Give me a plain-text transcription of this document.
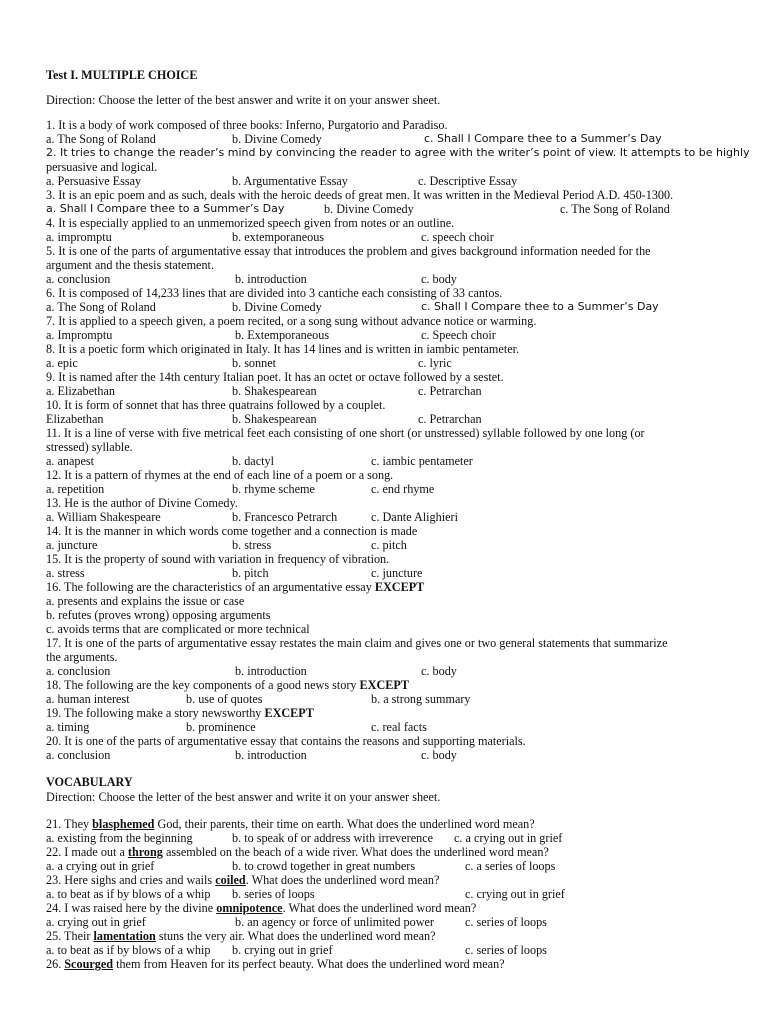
Test I. MULTIPLE CHOICE
Direction: Choose the letter of the best answer and write it on your answer sheet.
1. It is a body of work composed of three books: Inferno, Purgatorio and Paradiso.
a. The Song of Roland	b. Divine Comedy	c. Shall I Compare thee to a Summer’s Day
2. It tries to change the reader’s mind by convincing the reader to agree with the writer’s point of view. It attempts to be highly
persuasive and logical.
a. Persuasive Essay	b. Argumentative Essay	c. Descriptive Essay
3. It is an epic poem and as such, deals with the heroic deeds of great men. It was written in the Medieval Period A.D. 450-1300.
a. Shall I Compare thee to a Summer’s Day	b. Divine Comedy	c. The Song of Roland
4. It is especially applied to an unmemorized speech given from notes or an outline.
a. impromptu	b. extemporaneous	c. speech choir
5. It is one of the parts of argumentative essay that introduces the problem and gives background information needed for the
argument and the thesis statement.
a. conclusion	b. introduction	c. body
6. It is composed of 14,233 lines that are divided into 3 cantiche each consisting of 33 cantos.
a. The Song of Roland	b. Divine Comedy	c. Shall I Compare thee to a Summer’s Day
7. It is applied to a speech given, a poem recited, or a song sung without advance notice or warming.
a. Impromptu	b. Extemporaneous	c. Speech choir
8. It is a poetic form which originated in Italy. It has 14 lines and is written in iambic pentameter.
a. epic	b. sonnet	c. lyric
9. It is named after the 14th century Italian poet. It has an octet or octave followed by a sestet.
a. Elizabethan	b. Shakespearean	c. Petrarchan
10. It is form of sonnet that has three quatrains followed by a couplet.
Elizabethan	b. Shakespearean	c. Petrarchan
11. It is a line of verse with five metrical feet each consisting of one short (or unstressed) syllable followed by one long (or
stressed) syllable.
a. anapest	b. dactyl	c. iambic pentameter
12. It is a pattern of rhymes at the end of each line of a poem or a song.
a. repetition	b. rhyme scheme	c. end rhyme
13. He is the author of Divine Comedy.
a. William Shakespeare	b. Francesco Petrarch	c. Dante Alighieri
14. It is the manner in which words come together and a connection is made
a. juncture	b. stress	c. pitch
15. It is the property of sound with variation in frequency of vibration.
a. stress	b. pitch	c. juncture
16. The following are the characteristics of an argumentative essay EXCEPT
a. presents and explains the issue or case
b. refutes (proves wrong) opposing arguments
c. avoids terms that are complicated or more technical
17. It is one of the parts of argumentative essay restates the main claim and gives one or two general statements that summarize
the arguments.
a. conclusion	b. introduction	c. body
18. The following are the key components of a good news story EXCEPT
a. human interest	b. use of quotes	b. a strong summary
19. The following make a story newsworthy EXCEPT
a. timing	b. prominence	c. real facts
20. It is one of the parts of argumentative essay that contains the reasons and supporting materials.
a. conclusion	b. introduction	c. body
VOCABULARY
Direction: Choose the letter of the best answer and write it on your answer sheet.
21. They blasphemed God, their parents, their time on earth. What does the underlined word mean?
a. existing from the beginning	b. to speak of or address with irreverence c. a crying out in grief
22. I made out a throng assembled on the beach of a wide river. What does the underlined word mean?
a. a crying out in grief	b. to crowd together in great numbers	c. a series of loops
23. Here sighs and cries and wails coiled. What does the underlined word mean?
a. to beat as if by blows of a whip b. series of loops	c. crying out in grief
24. I was raised here by the divine omnipotence. What does the underlined word mean?
a. crying out in grief	b. an agency or force of unlimited power	c. series of loops
25. Their lamentation stuns the very air. What does the underlined word mean?
a. to beat as if by blows of a whip b. crying out in grief	c. series of loops
26. Scourged them from Heaven for its perfect beauty. What does the underlined word mean?
